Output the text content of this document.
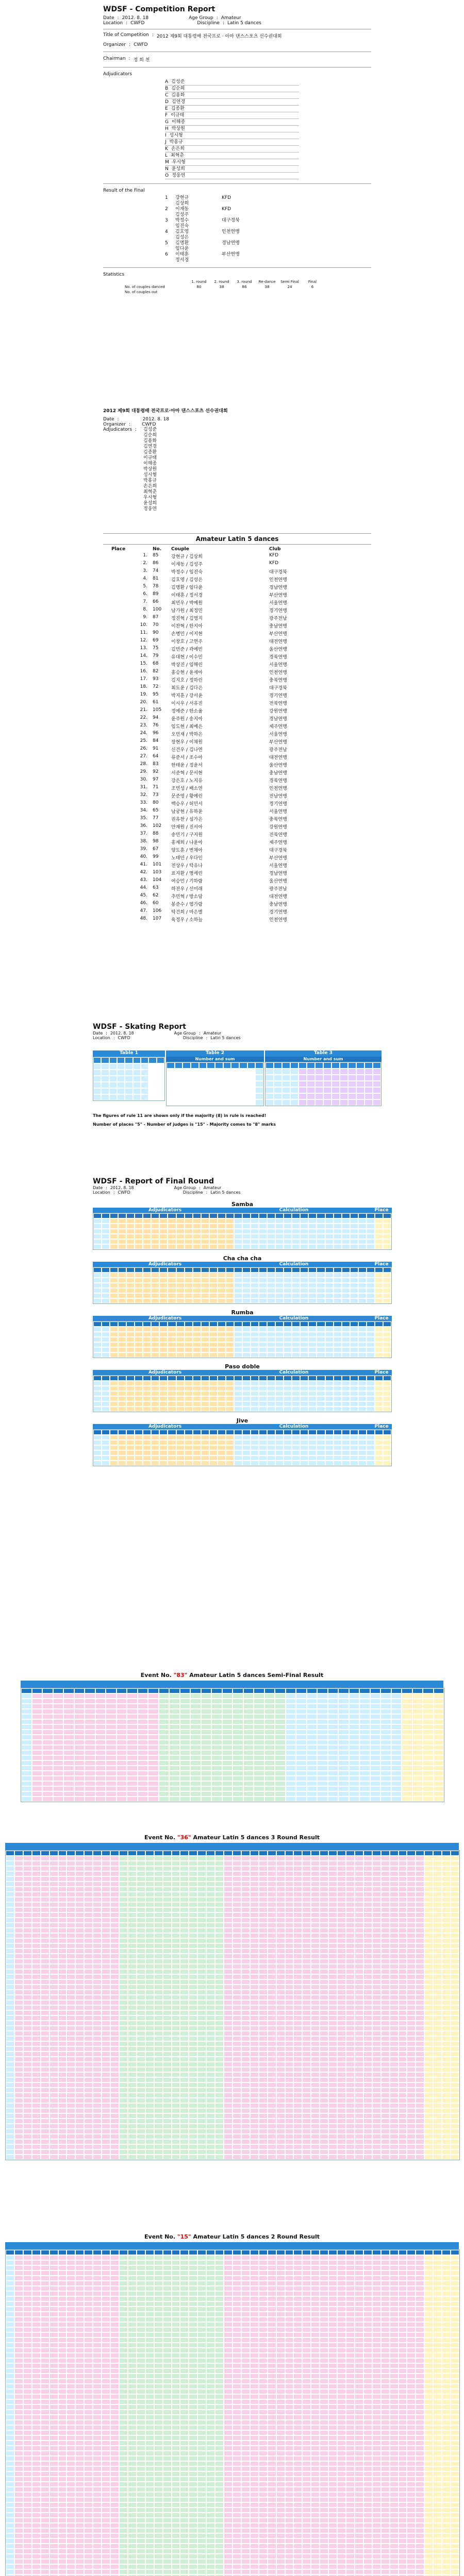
WDSF - Competition Report
Date : 2012. 8. 18	Age Group : Amateur
Location : CWFD	Discipline : Latin 5 dances
Title of Competition : 2012 제9회 대통령배 전국프로 · 아마 댄스스포츠 선수권대회
Organizer : CWFD
Chairman : 정 희 천
Adjudicators
A 김성준
B 김순희
C 김용화
D 김연경
E 김종환
F 이규태
G 이해종
H 박상원
I 성시형
J 박홍규
K 손은희
L 최혁춘
M 우시형
N 윤성희
O 정웅연
Result of the Final
1	강현규
김상희
KFD
2	이재동
김성주
KFD
3	박정수
임진숙
대구경북
4	김호영
김성은
인천연맹
5	김명환
임다윤
경남연맹
6	이태훈
정서경
부산연맹
Statistics
	1. round	2. round	3. round	Re-dance	Semi Final	Final
No. of couples danced	80	38	86	38	24	6
No. of couples out						
2012 제9회 대통령배 전국프로·아마 댄스스포츠 선수권대회
Date :	2012. 8. 18
Organizer : CWFD
Adjudicators :	김성준
김순희
김용화
김연경
김종환
이규태
이해종
박상원
성시형
박홍규
손은희
최혁춘
우시형
윤성희
정웅연
Amateur Latin 5 dances
Place	No.	Couple	Club
1. 85	강현규 / 김상희	KFD
2. 86	이재동 / 김성주	KFD
3. 74	박정수 / 임진숙	대구경북
4. 81	김호영 / 김성은	인천연맹
5. 78	김명환 / 임다윤	경남연맹
6. 89	이태훈 / 정서경	부산연맹
7. 66	최민우 / 박예원	서울연맹
8. 100	남가원 / 최정민	경기연맹
9. 87	정진혁 / 김명지	광주전남
10. 70	이찬혁 / 한지아	충남연맹
11. 90	손병민 / 이지현	부산연맹
12. 69	이창호 / 고연주	대전연맹
13. 75	김민준 / 곽예빈	울산연맹
14. 79	유대현 / 이수민	경북연맹
15. 68	박상진 / 임해린	서울연맹
16. 82	홍승현 / 윤세아	인천연맹
17. 93	김지호 / 정하린	충북연맹
18. 72	최도윤 / 김다은	대구경북
19. 95	박지훈 / 강서윤	경기연맹
20. 61	이시우 / 서유진	전북연맹
21. 105	정예준 / 한소율	강원연맹
22. 94	윤주원 / 송지아	경남연맹
23. 76	임도현 / 최예은	제주연맹
24. 96	오민재 / 박하은	서울연맹
25. 84	장현우 / 이채원	부산연맹
26. 91	신건우 / 김나연	광주전남
27. 64	류준서 / 조수아	대전연맹
28. 83	한태윤 / 정윤서	울산연맹
29. 92	서준혁 / 문서현	충남연맹
30. 97	강은호 / 노지유	경북연맹
31. 71	조민성 / 배소연	인천연맹
32. 73	문준영 / 황예린	전남연맹
33. 80	백승우 / 허민서	경기연맹
34. 65	남궁현 / 유하윤	서울연맹
35. 77	권유찬 / 심가은	충북연맹
36. 102	안재원 / 진서아	강원연맹
37. 88	송민기 / 구지원	전북연맹
38. 98	홍재희 / 나윤아	제주연맹
39. 67	양도훈 / 변채아	대구경북
40. 99	노태민 / 우다인	부산연맹
41. 101	전상우 / 탁유나	서울연맹
42. 103	표지환 / 명세린	경남연맹
43. 104	여승민 / 기하람	울산연맹
44. 63	하진우 / 선미래	광주전남
45. 62	추민혁 / 방소담	대전연맹
46. 60	봉준수 / 염가람	충남연맹
47. 106	탁건희 / 마은별	경기연맹
48. 107	육정우 / 소하늘	인천연맹
WDSF - Skating Report
Date : 2012. 8. 18	Age Group : Amateur
Location : CWFD	Discipline : Latin 5 dances
Table 1	Table 2
Number and sum
Table 3
Number and sum
The figures of rule 11 are shown only if the majority (8) in rule is reached!
Number of places "5" - Number of judges is "15" - Majority comes to "8" marks
WDSF - Report of Final Round
Date : 2012. 8. 18	Age Group : Amateur
Location : CWFD	Discipline : Latin 5 dances
Samba
Adjudicators	Calculation	Place
Cha cha cha
Adjudicators	Calculation	Place
Rumba
Adjudicators	Calculation	Place
Paso doble
Adjudicators	Calculation	Place
Jive
Adjudicators	Calculation	Place
Event No. "83" Amateur Latin 5 dances Semi-Final Result
Event No. "36" Amateur Latin 5 dances 3 Round Result
Event No. "15" Amateur Latin 5 dances 2 Round Result
